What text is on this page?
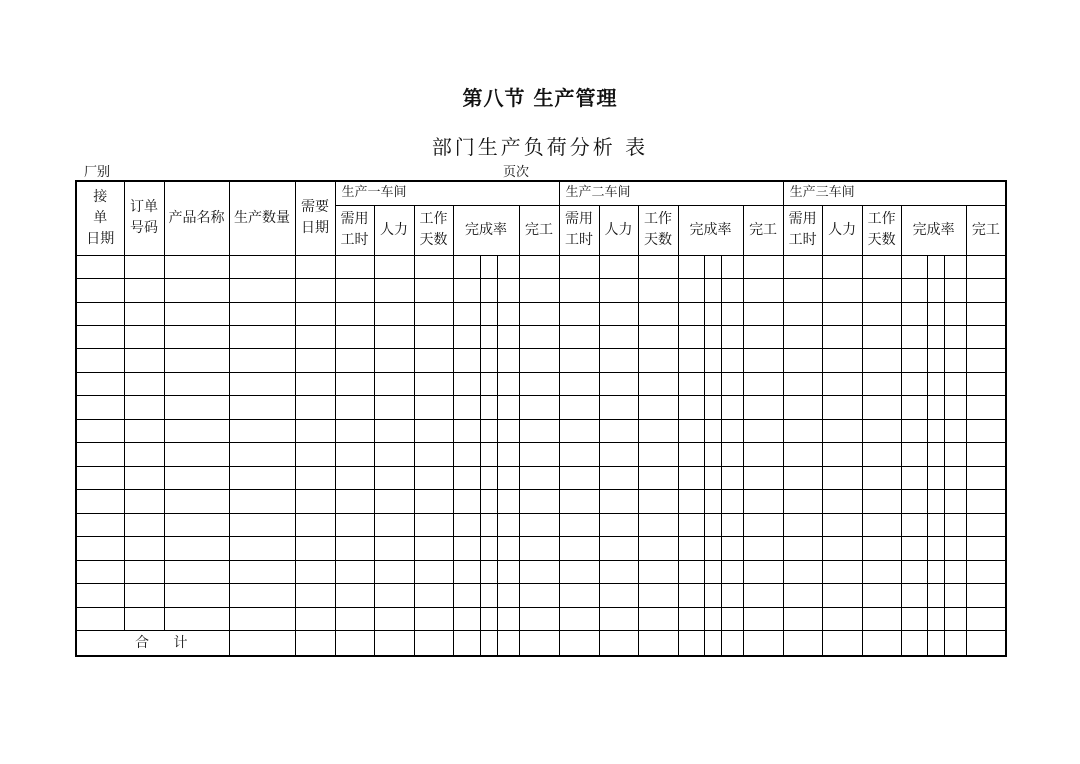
第八节 生产管理
部门生产负荷分析 表
厂别	页次
接 单 日期	订单 号码	产品名称	生产数量	需要 日期	生产一车间							生产二车间							生产三车间						
					需用 工时	人力	工作 天数	完成率			完工	需用 工时	人力	工作 天数	完成率			完工	需用 工时	人力	工作 天数	完成率			完工

合 计																									
